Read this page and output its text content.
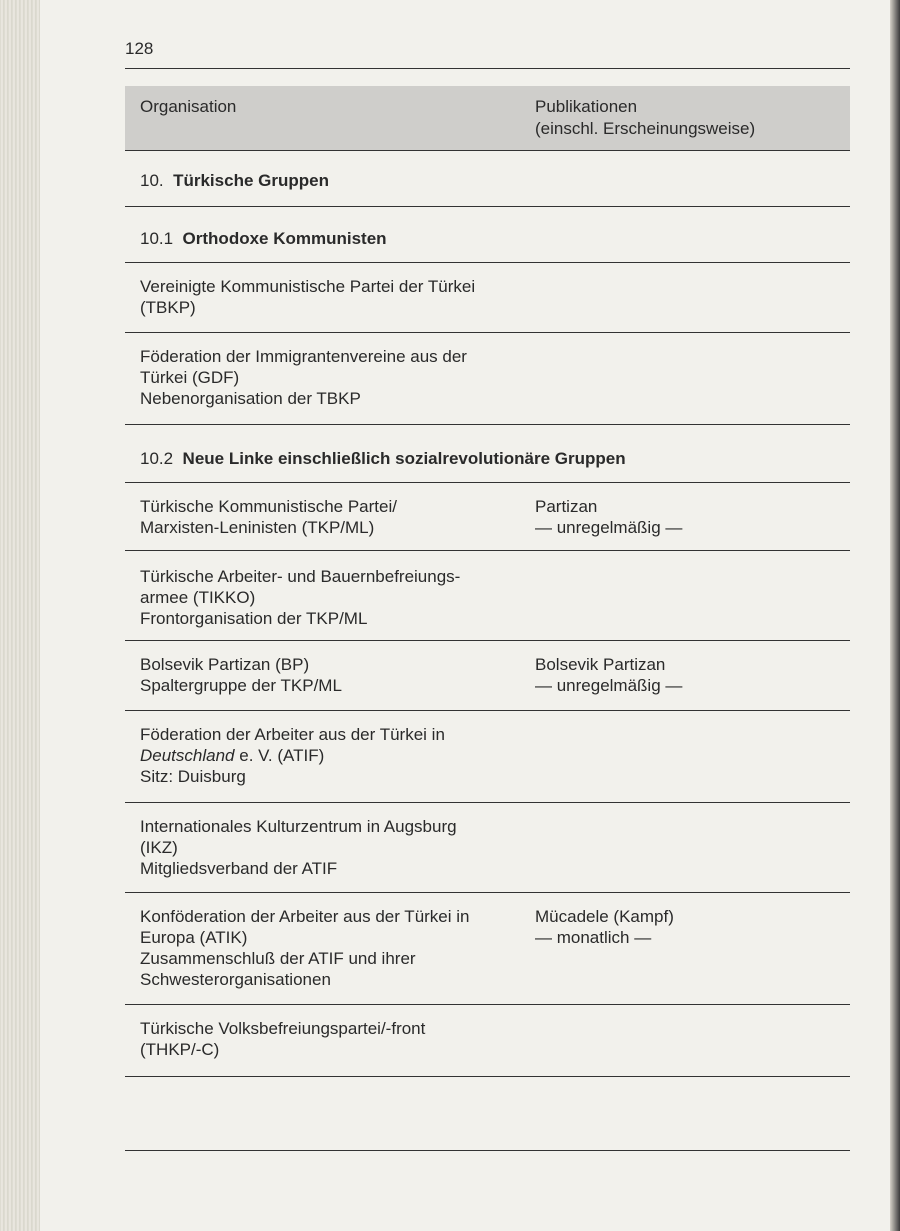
128
Organisation	Publikationen
(einschl. Erscheinungsweise)
10. Türkische Gruppen
10.1 Orthodoxe Kommunisten
Vereinigte Kommunistische Partei der Türkei
(TBKP)
Föderation der Immigrantenvereine aus der
Türkei (GDF)
Nebenorganisation der TBKP
10.2 Neue Linke einschließlich sozialrevolutionäre Gruppen
Türkische Kommunistische Partei/
Marxisten-Leninisten (TKP/ML)
Partizan
— unregelmäßig —
Türkische Arbeiter- und Bauernbefreiungs-
armee (TIKKO)
Frontorganisation der TKP/ML
Bolsevik Partizan (BP)
Spaltergruppe der TKP/ML
Bolsevik Partizan
— unregelmäßig —
Föderation der Arbeiter aus der Türkei in
Deutschland e. V. (ATIF)
Sitz: Duisburg
Internationales Kulturzentrum in Augsburg
(IKZ)
Mitgliedsverband der ATIF
Konföderation der Arbeiter aus der Türkei in
Europa (ATIK)
Zusammenschluß der ATIF und ihrer
Schwesterorganisationen
Mücadele (Kampf)
— monatlich —
Türkische Volksbefreiungspartei/-front
(THKP/-C)
